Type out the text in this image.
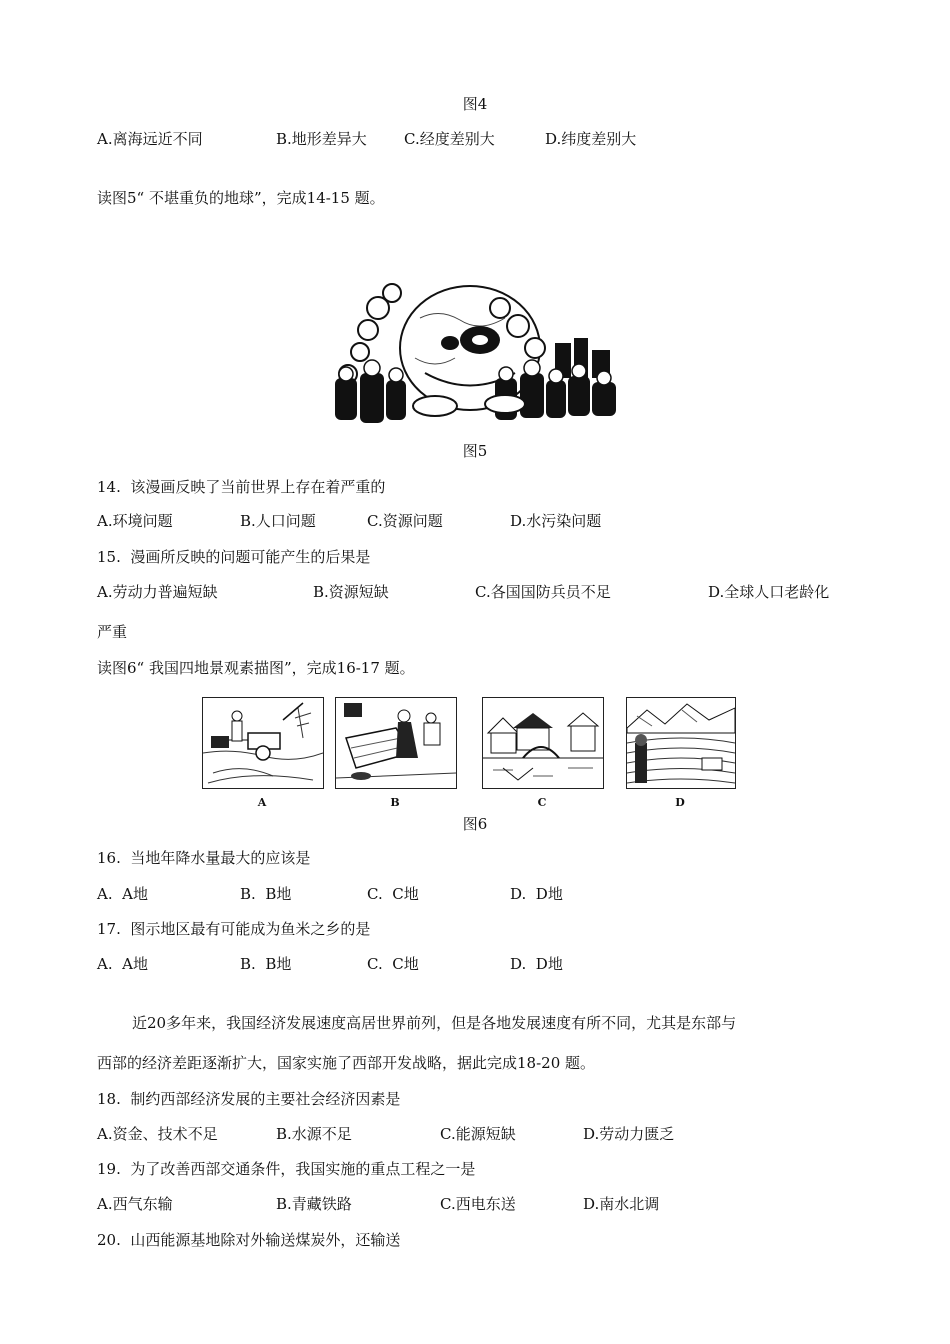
图4
A.离海远近不同	B.地形差异大 C.经度差别大	D.纬度差别大
读图5“ 不堪重负的地球”，完成14-15 题。
图5
14.  该漫画反映了当前世界上存在着严重的
A.环境问题	B.人口问题	C.资源问题	D.水污染问题
15.  漫画所反映的问题可能产生的后果是
A.劳动力普遍短缺	B.资源短缺	C.各国国防兵员不足	D.全球人口老龄化
严重
读图6“ 我国四地景观素描图”，完成16-17 题。
A	B	C	D
图6
16.  当地年降水量最大的应该是
A.  A地	B.  B地	C.  C地	D.  D地
17.  图示地区最有可能成为鱼米之乡的是
A.  A地	B.  B地	C.  C地	D.  D地
近20多年来，我国经济发展速度高居世界前列，但是各地发展速度有所不同，尤其是东部与
西部的经济差距逐渐扩大，国家实施了西部开发战略，据此完成18-20 题。
18.  制约西部经济发展的主要社会经济因素是
A.资金、技术不足	B.水源不足	C.能源短缺	D.劳动力匮乏
19.  为了改善西部交通条件，我国实施的重点工程之一是
A.西气东输	B.青藏铁路	C.西电东送	D.南水北调
20.  山西能源基地除对外输送煤炭外，还输送
